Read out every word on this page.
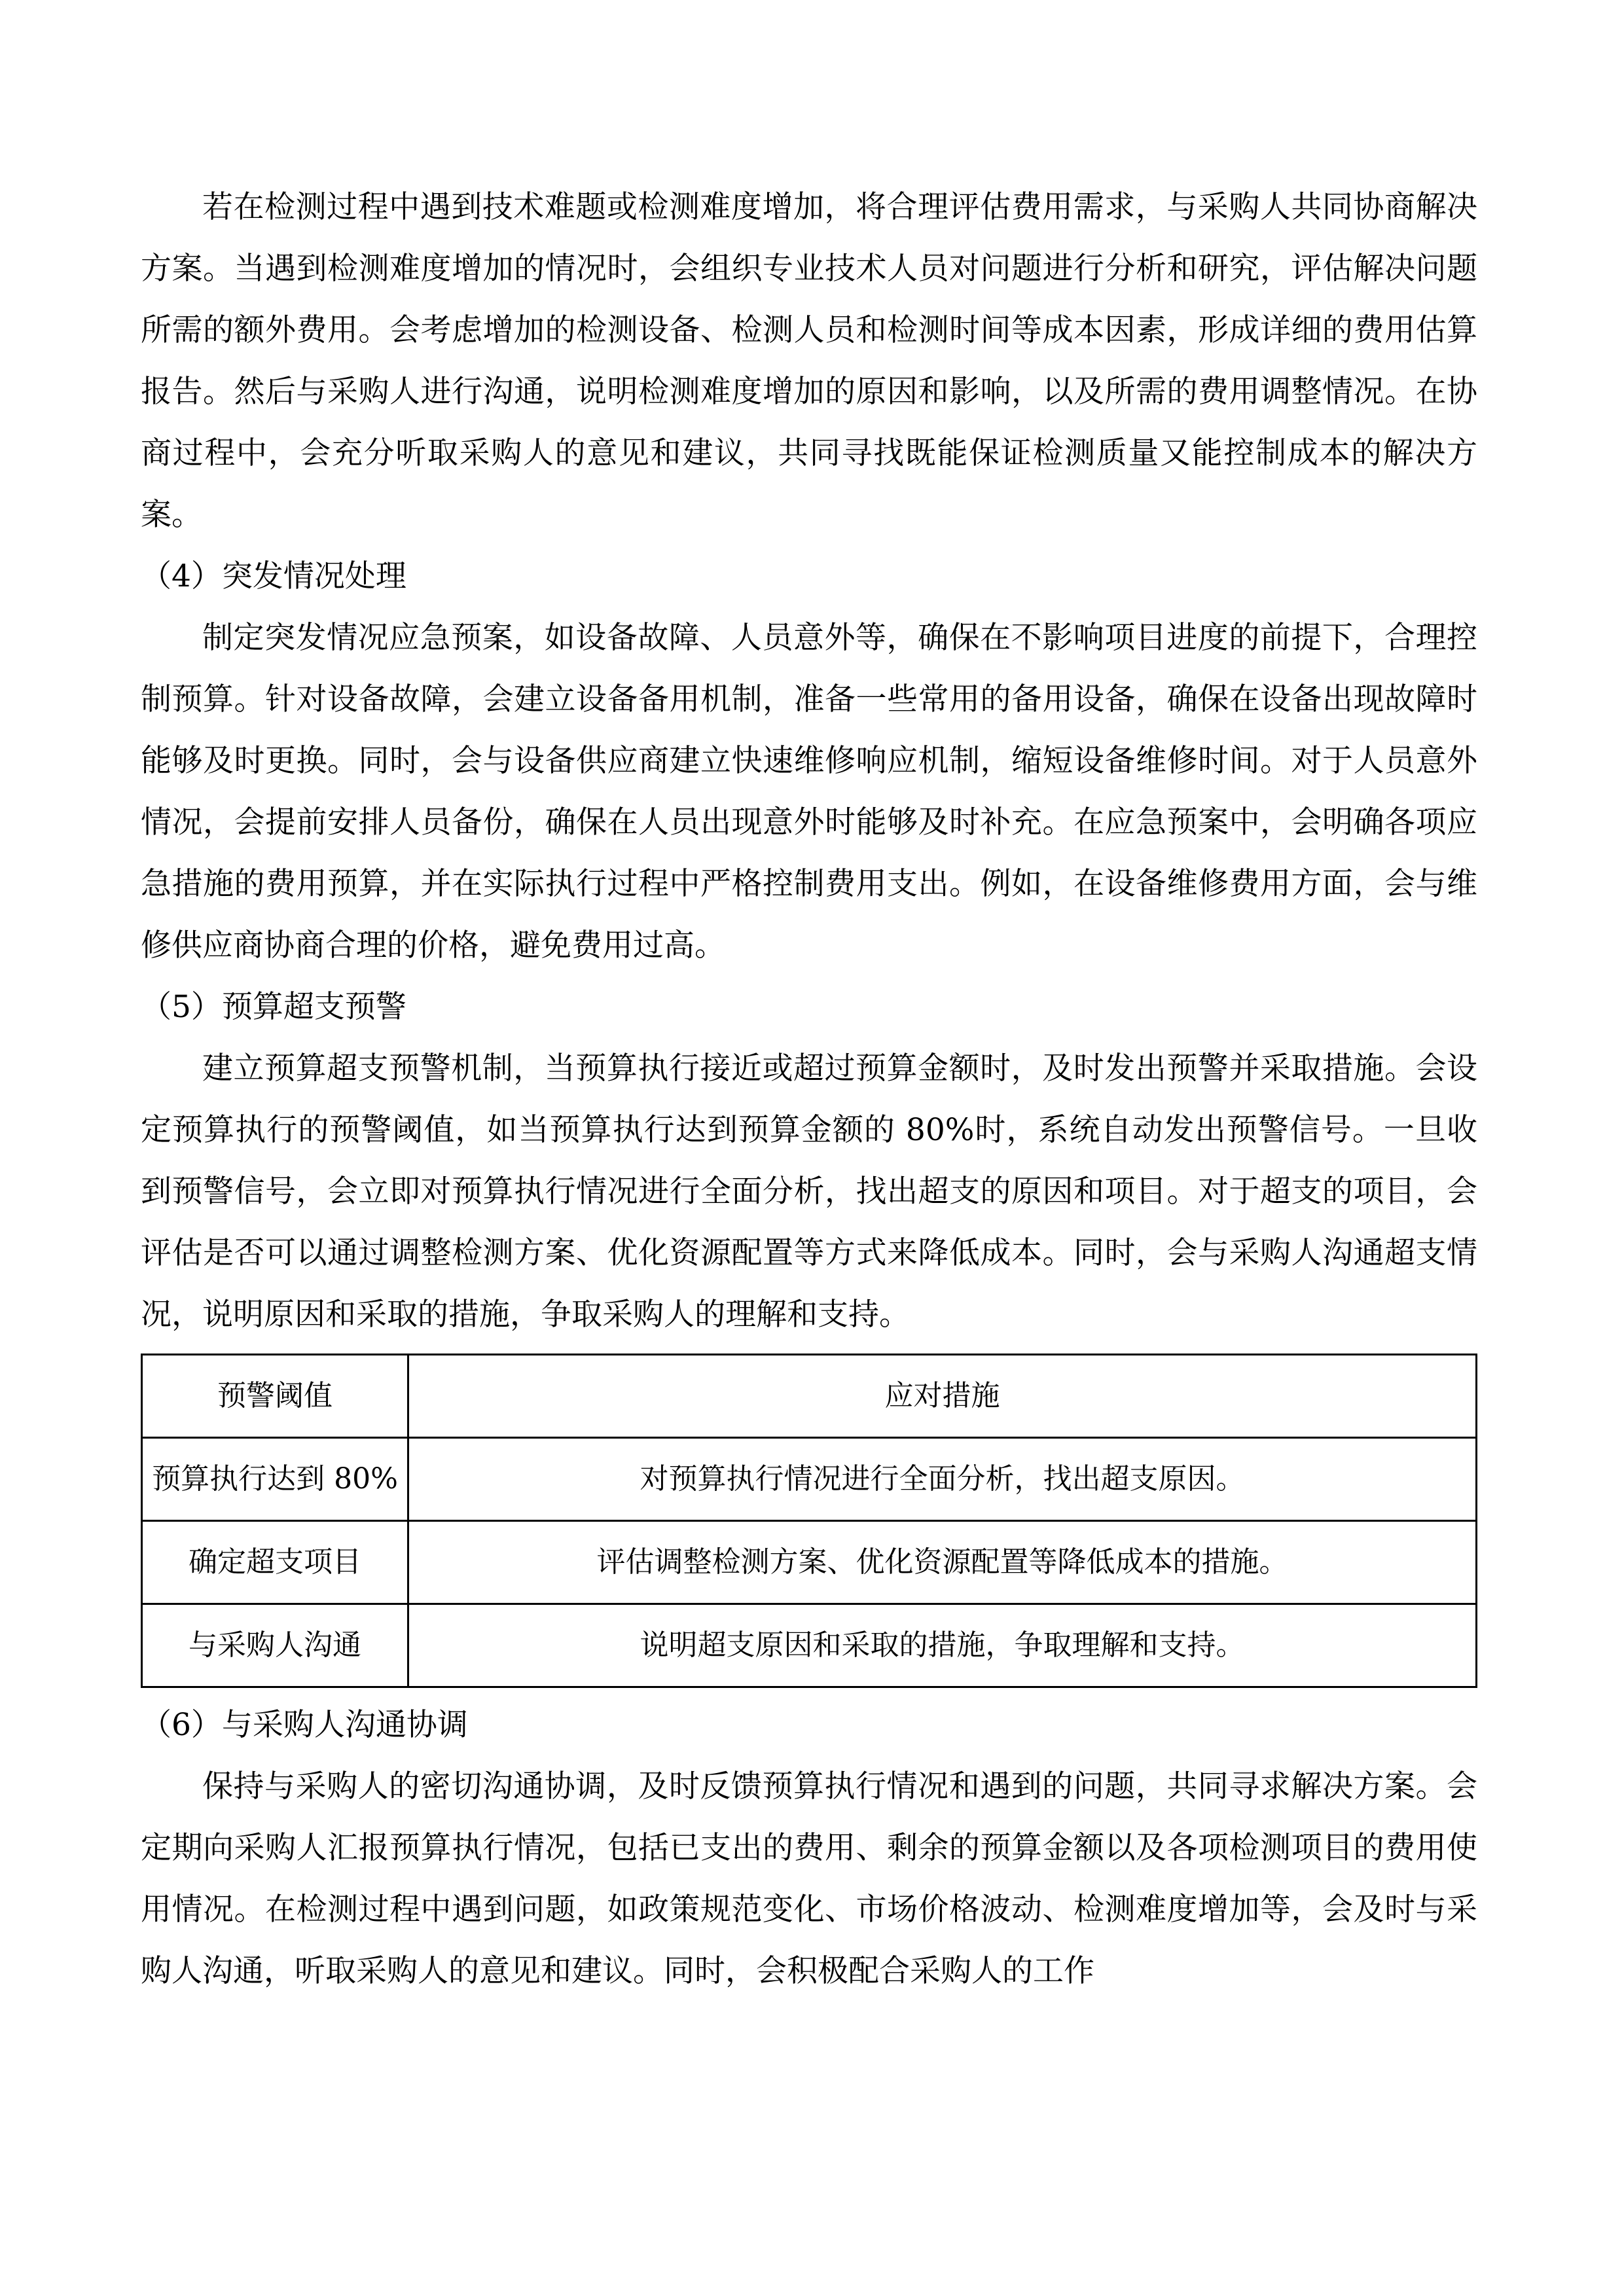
若在检测过程中遇到技术难题或检测难度增加，将合理评估费用需求，与采购人共同协商解决方案。当遇到检测难度增加的情况时，会组织专业技术人员对问题进行分析和研究，评估解决问题所需的额外费用。会考虑增加的检测设备、检测人员和检测时间等成本因素，形成详细的费用估算报告。然后与采购人进行沟通，说明检测难度增加的原因和影响，以及所需的费用调整情况。在协商过程中，会充分听取采购人的意见和建议，共同寻找既能保证检测质量又能控制成本的解决方案。

（4）突发情况处理

制定突发情况应急预案，如设备故障、人员意外等，确保在不影响项目进度的前提下，合理控制预算。针对设备故障，会建立设备备用机制，准备一些常用的备用设备，确保在设备出现故障时能够及时更换。同时，会与设备供应商建立快速维修响应机制，缩短设备维修时间。对于人员意外情况，会提前安排人员备份，确保在人员出现意外时能够及时补充。在应急预案中，会明确各项应急措施的费用预算，并在实际执行过程中严格控制费用支出。例如，在设备维修费用方面，会与维修供应商协商合理的价格，避免费用过高。

（5）预算超支预警

建立预算超支预警机制，当预算执行接近或超过预算金额时，及时发出预警并采取措施。会设定预算执行的预警阈值，如当预算执行达到预算金额的 80%时，系统自动发出预警信号。一旦收到预警信号，会立即对预算执行情况进行全面分析，找出超支的原因和项目。对于超支的项目，会评估是否可以通过调整检测方案、优化资源配置等方式来降低成本。同时，会与采购人沟通超支情况，说明原因和采取的措施，争取采购人的理解和支持。

预警阈值	应对措施
预算执行达到 80%	对预算执行情况进行全面分析，找出超支原因。
确定超支项目	评估调整检测方案、优化资源配置等降低成本的措施。
与采购人沟通	说明超支原因和采取的措施，争取理解和支持。

（6）与采购人沟通协调

保持与采购人的密切沟通协调，及时反馈预算执行情况和遇到的问题，共同寻求解决方案。会定期向采购人汇报预算执行情况，包括已支出的费用、剩余的预算金额以及各项检测项目的费用使用情况。在检测过程中遇到问题，如政策规范变化、市场价格波动、检测难度增加等，会及时与采购人沟通，听取采购人的意见和建议。同时，会积极配合采购人的工作
